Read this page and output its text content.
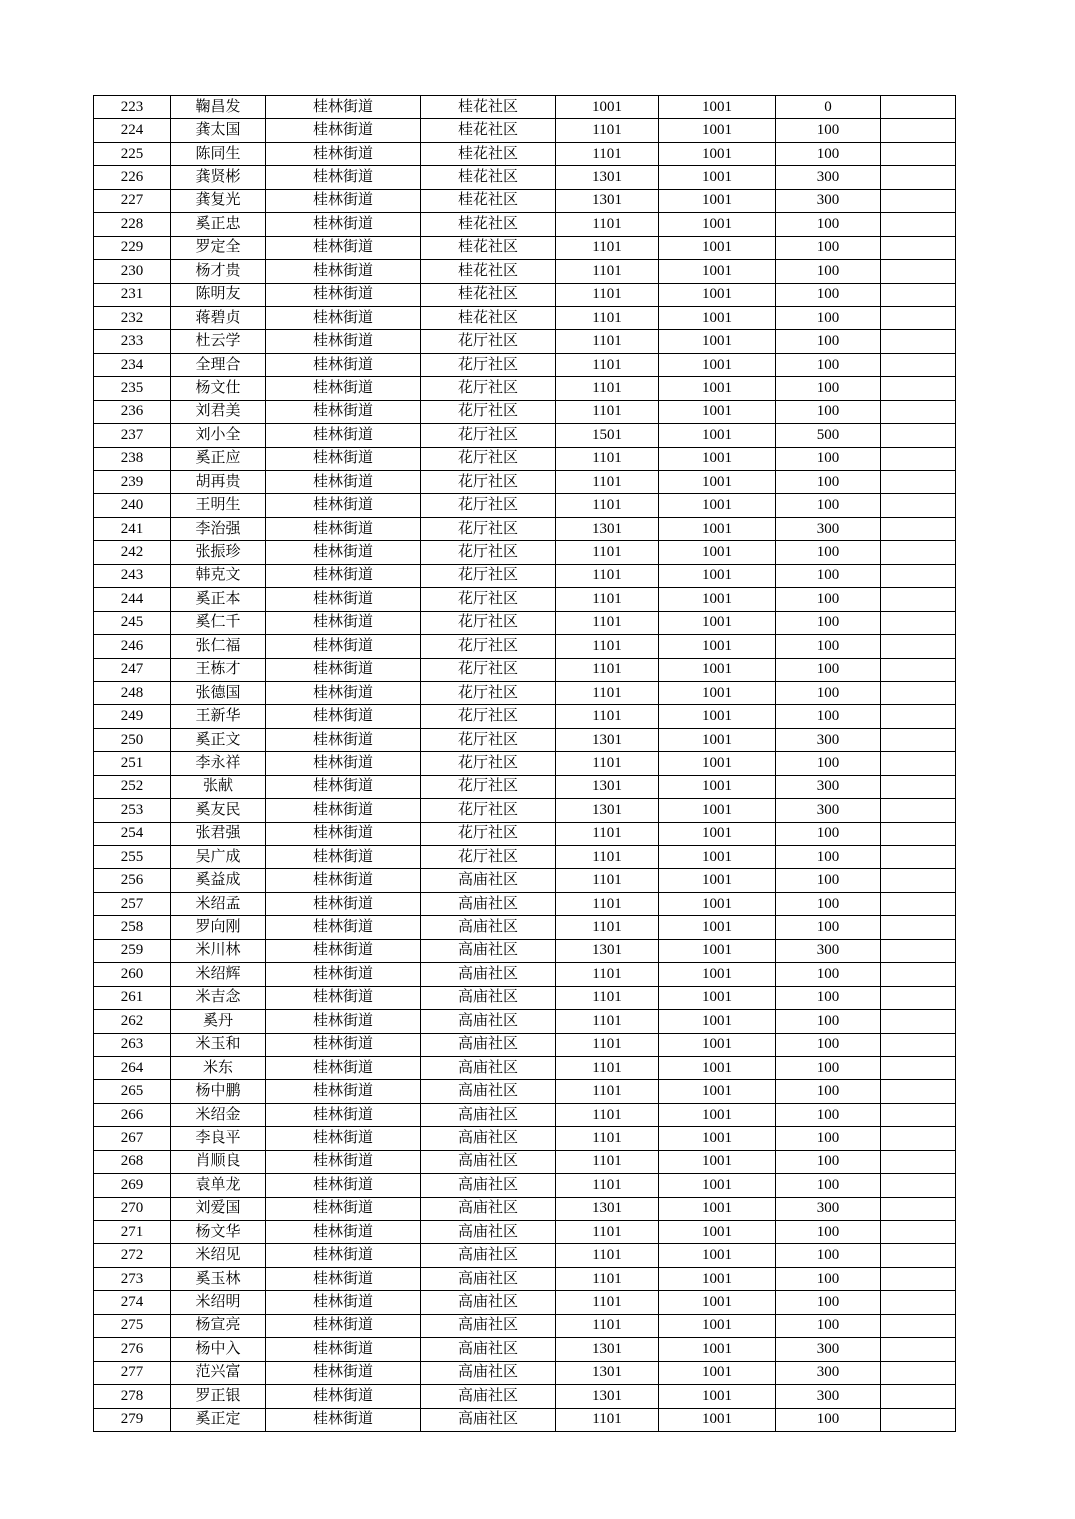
223	鞠昌发	桂林街道	桂花社区	1001	1001	0	
224	龚太国	桂林街道	桂花社区	1101	1001	100	
225	陈同生	桂林街道	桂花社区	1101	1001	100	
226	龚贤彬	桂林街道	桂花社区	1301	1001	300	
227	龚复光	桂林街道	桂花社区	1301	1001	300	
228	奚正忠	桂林街道	桂花社区	1101	1001	100	
229	罗定全	桂林街道	桂花社区	1101	1001	100	
230	杨才贵	桂林街道	桂花社区	1101	1001	100	
231	陈明友	桂林街道	桂花社区	1101	1001	100	
232	蒋碧贞	桂林街道	桂花社区	1101	1001	100	
233	杜云学	桂林街道	花厅社区	1101	1001	100	
234	全理合	桂林街道	花厅社区	1101	1001	100	
235	杨文仕	桂林街道	花厅社区	1101	1001	100	
236	刘君美	桂林街道	花厅社区	1101	1001	100	
237	刘小全	桂林街道	花厅社区	1501	1001	500	
238	奚正应	桂林街道	花厅社区	1101	1001	100	
239	胡再贵	桂林街道	花厅社区	1101	1001	100	
240	王明生	桂林街道	花厅社区	1101	1001	100	
241	李治强	桂林街道	花厅社区	1301	1001	300	
242	张振珍	桂林街道	花厅社区	1101	1001	100	
243	韩克文	桂林街道	花厅社区	1101	1001	100	
244	奚正本	桂林街道	花厅社区	1101	1001	100	
245	奚仁千	桂林街道	花厅社区	1101	1001	100	
246	张仁福	桂林街道	花厅社区	1101	1001	100	
247	王栋才	桂林街道	花厅社区	1101	1001	100	
248	张德国	桂林街道	花厅社区	1101	1001	100	
249	王新华	桂林街道	花厅社区	1101	1001	100	
250	奚正文	桂林街道	花厅社区	1301	1001	300	
251	李永祥	桂林街道	花厅社区	1101	1001	100	
252	张献	桂林街道	花厅社区	1301	1001	300	
253	奚友民	桂林街道	花厅社区	1301	1001	300	
254	张君强	桂林街道	花厅社区	1101	1001	100	
255	吴广成	桂林街道	花厅社区	1101	1001	100	
256	奚益成	桂林街道	高庙社区	1101	1001	100	
257	米绍孟	桂林街道	高庙社区	1101	1001	100	
258	罗向刚	桂林街道	高庙社区	1101	1001	100	
259	米川林	桂林街道	高庙社区	1301	1001	300	
260	米绍辉	桂林街道	高庙社区	1101	1001	100	
261	米吉念	桂林街道	高庙社区	1101	1001	100	
262	奚丹	桂林街道	高庙社区	1101	1001	100	
263	米玉和	桂林街道	高庙社区	1101	1001	100	
264	米东	桂林街道	高庙社区	1101	1001	100	
265	杨中鹏	桂林街道	高庙社区	1101	1001	100	
266	米绍金	桂林街道	高庙社区	1101	1001	100	
267	李良平	桂林街道	高庙社区	1101	1001	100	
268	肖顺良	桂林街道	高庙社区	1101	1001	100	
269	袁单龙	桂林街道	高庙社区	1101	1001	100	
270	刘爱国	桂林街道	高庙社区	1301	1001	300	
271	杨文华	桂林街道	高庙社区	1101	1001	100	
272	米绍见	桂林街道	高庙社区	1101	1001	100	
273	奚玉林	桂林街道	高庙社区	1101	1001	100	
274	米绍明	桂林街道	高庙社区	1101	1001	100	
275	杨宣亮	桂林街道	高庙社区	1101	1001	100	
276	杨中入	桂林街道	高庙社区	1301	1001	300	
277	范兴富	桂林街道	高庙社区	1301	1001	300	
278	罗正银	桂林街道	高庙社区	1301	1001	300	
279	奚正定	桂林街道	高庙社区	1101	1001	100	
